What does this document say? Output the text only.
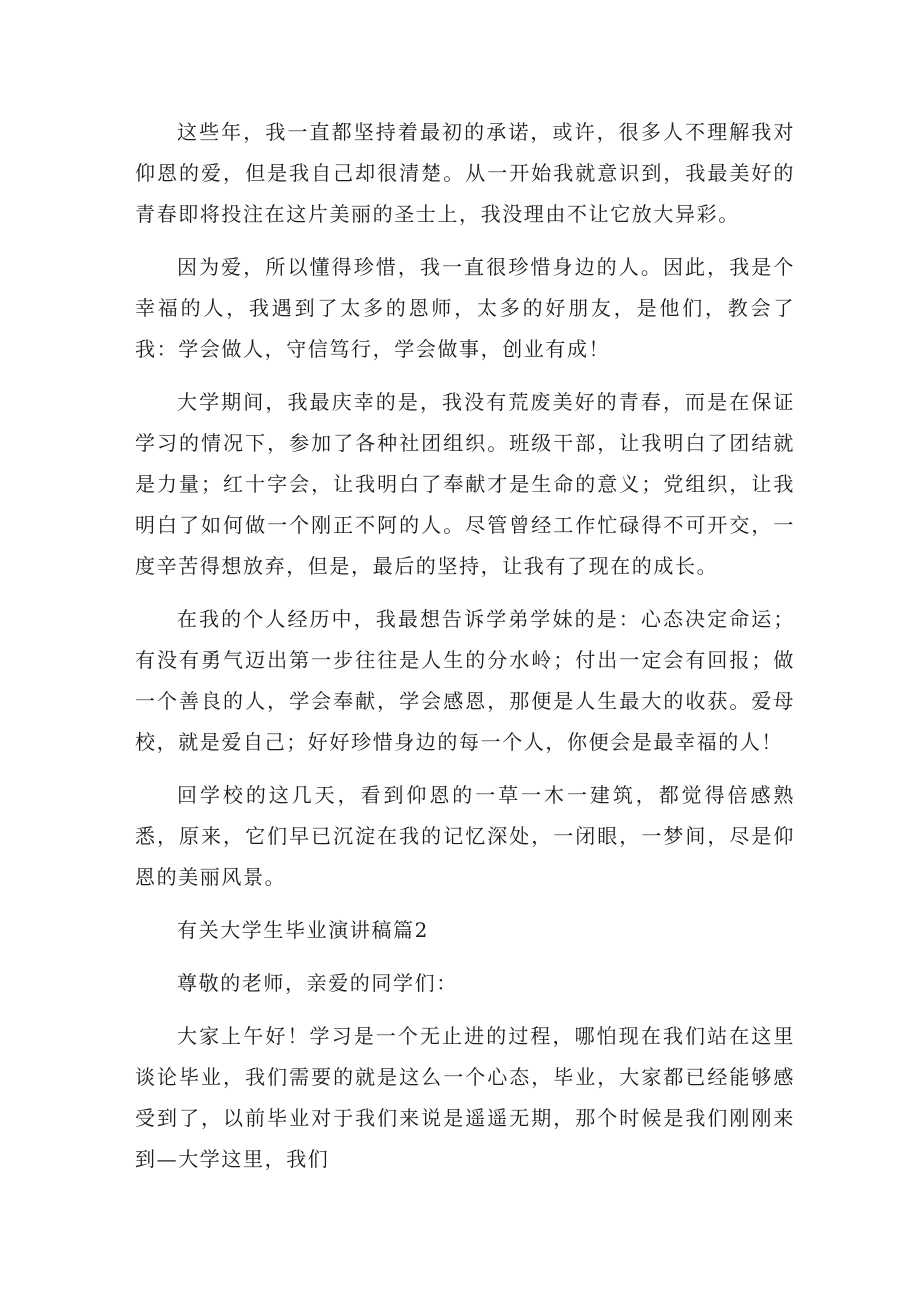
这些年，我一直都坚持着最初的承诺，或许，很多人不理解我对仰恩的爱，但是我自己却很清楚。从一开始我就意识到，我最美好的青春即将投注在这片美丽的圣士上，我没理由不让它放大异彩。

因为爱，所以懂得珍惜，我一直很珍惜身边的人。因此，我是个幸福的人，我遇到了太多的恩师，太多的好朋友，是他们，教会了我：学会做人，守信笃行，学会做事，创业有成！

大学期间，我最庆幸的是，我没有荒废美好的青春，而是在保证学习的情况下，参加了各种社团组织。班级干部，让我明白了团结就是力量；红十字会，让我明白了奉献才是生命的意义；党组织，让我明白了如何做一个刚正不阿的人。尽管曾经工作忙碌得不可开交，一度辛苦得想放弃，但是，最后的坚持，让我有了现在的成长。

在我的个人经历中，我最想告诉学弟学妹的是：心态决定命运；有没有勇气迈出第一步往往是人生的分水岭；付出一定会有回报；做一个善良的人，学会奉献，学会感恩，那便是人生最大的收获。爱母校，就是爱自己；好好珍惜身边的每一个人，你便会是最幸福的人！

回学校的这几天，看到仰恩的一草一木一建筑，都觉得倍感熟悉，原来，它们早已沉淀在我的记忆深处，一闭眼，一梦间，尽是仰恩的美丽风景。

有关大学生毕业演讲稿篇2

尊敬的老师，亲爱的同学们：

大家上午好！学习是一个无止进的过程，哪怕现在我们站在这里谈论毕业，我们需要的就是这么一个心态，毕业，大家都已经能够感受到了，以前毕业对于我们来说是遥遥无期，那个时候是我们刚刚来到—大学这里，我们
